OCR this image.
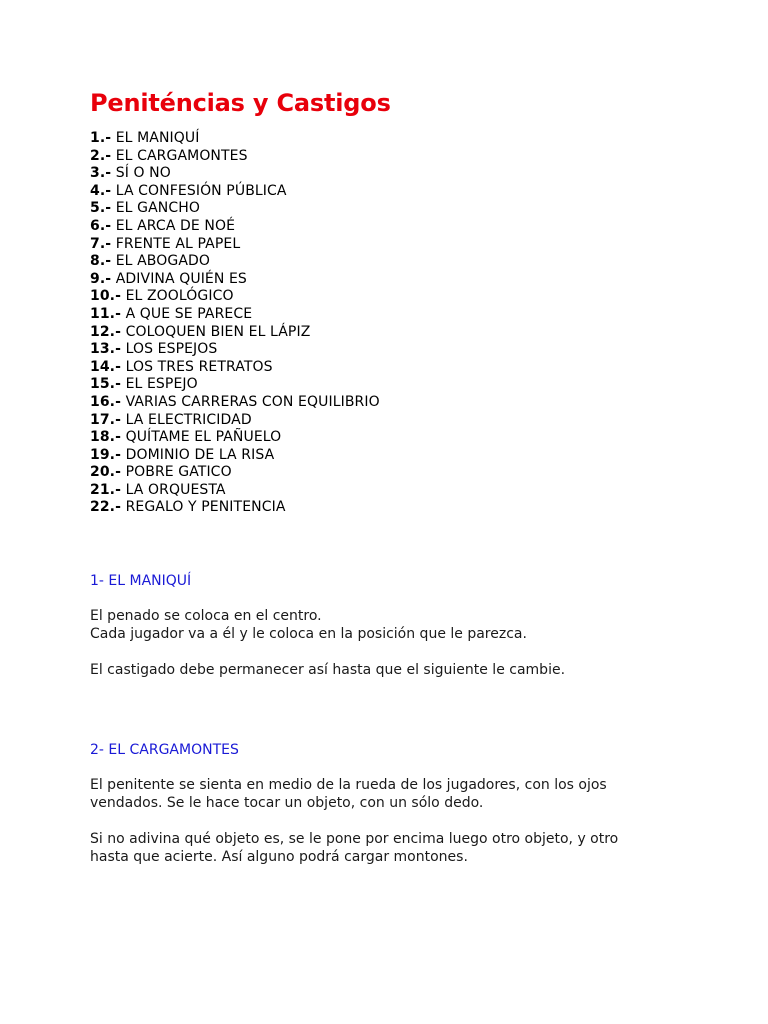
Peniténcias y Castigos
1.- EL MANIQUÍ
2.- EL CARGAMONTES
3.- SÍ O NO
4.- LA CONFESIÓN PÚBLICA
5.- EL GANCHO
6.- EL ARCA DE NOÉ
7.- FRENTE AL PAPEL
8.- EL ABOGADO
9.- ADIVINA QUIÉN ES
10.- EL ZOOLÓGICO
11.- A QUE SE PARECE
12.- COLOQUEN BIEN EL LÁPIZ
13.- LOS ESPEJOS
14.- LOS TRES RETRATOS
15.- EL ESPEJO
16.- VARIAS CARRERAS CON EQUILIBRIO
17.- LA ELECTRICIDAD
18.- QUÍTAME EL PAÑUELO
19.- DOMINIO DE LA RISA
20.- POBRE GATICO
21.- LA ORQUESTA
22.- REGALO Y PENITENCIA
1- EL MANIQUÍ

El penado se coloca en el centro.
Cada jugador va a él y le coloca en la posición que le parezca.

El castigado debe permanecer así hasta que el siguiente le cambie.

2- EL CARGAMONTES

El penitente se sienta en medio de la rueda de los jugadores, con los ojos
vendados. Se le hace tocar un objeto, con un sólo dedo.

Si no adivina qué objeto es, se le pone por encima luego otro objeto, y otro
hasta que acierte. Así alguno podrá cargar montones.
